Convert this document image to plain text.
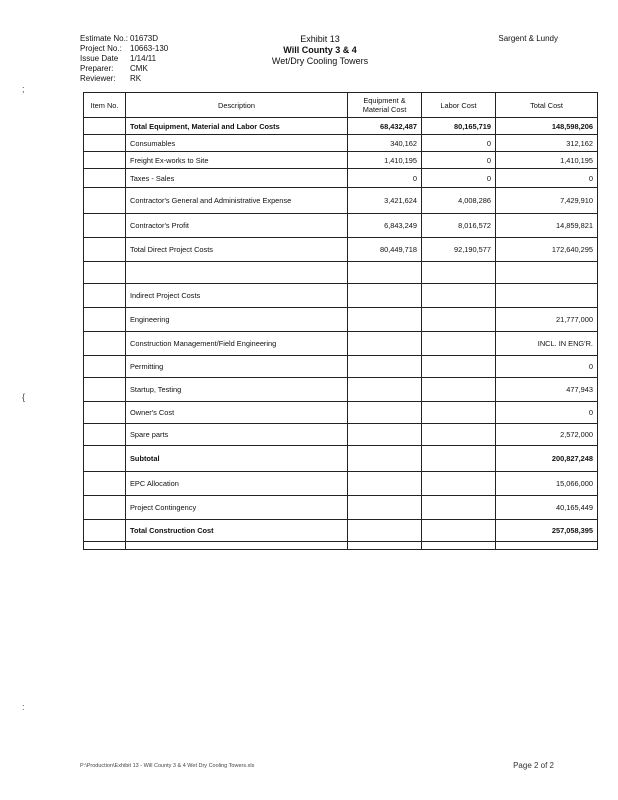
Estimate No.: 01673D
Project No.:	10663-130
Issue Date	1/14/11
Preparer:	CMK
Reviewer:	RK
Exhibit 13
Will County 3 & 4
Wet/Dry Cooling Towers
Sargent & Lundy
;
{
:
Item No.	Description	Equipment & Material Cost	Labor Cost	Total Cost
	Total Equipment, Material and Labor Costs	68,432,487	80,165,719	148,598,206
	Consumables	340,162	0	312,162
	Freight Ex-works to Site	1,410,195	0	1,410,195
	Taxes - Sales	0	0	0
	Contractor's General and Administrative Expense	3,421,624	4,008,286	7,429,910
	Contractor's Profit	6,843,249	8,016,572	14,859,821
	Total Direct Project Costs	80,449,718	92,190,577	172,640,295

	Indirect Project Costs			
	Engineering			21,777,000
	Construction Management/Field Engineering			INCL. IN ENG'R.
	Permitting			0
	Startup, Testing			477,943
	Owner's Cost			0
	Spare parts			2,572,000
	Subtotal			200,827,248
	EPC Allocation			15,066,000
	Project Contingency			40,165,449
	Total Construction Cost			257,058,395

P:\Production\Exhibit 13 - Will County 3 & 4 Wet Dry Cooling Towers.xls	Page 2 of 2
